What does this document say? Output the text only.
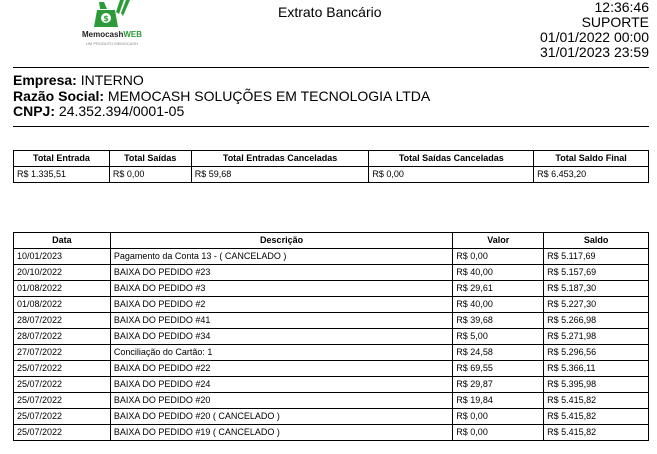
$
MemocashWEB
UM PRODUTO MEMOCASH
Extrato Bancário	12:36:46
SUPORTE
01/01/2022 00:00
31/01/2023 23:59
Empresa: INTERNO
Razão Social: MEMOCASH SOLUÇÕES EM TECNOLOGIA LTDA
CNPJ: 24.352.394/0001-05
Total Entrada	Total Saídas	Total Entradas Canceladas	Total Saídas Canceladas	Total Saldo Final
R$ 1.335,51	R$ 0,00	R$ 59,68	R$ 0,00	R$ 6.453,20
Data	Descrição	Valor	Saldo
10/01/2023	Pagamento da Conta 13 - ( CANCELADO )	R$ 0,00	R$ 5.117,69
20/10/2022	BAIXA DO PEDIDO #23	R$ 40,00	R$ 5.157,69
01/08/2022	BAIXA DO PEDIDO #3	R$ 29,61	R$ 5.187,30
01/08/2022	BAIXA DO PEDIDO #2	R$ 40,00	R$ 5.227,30
28/07/2022	BAIXA DO PEDIDO #41	R$ 39,68	R$ 5.266,98
28/07/2022	BAIXA DO PEDIDO #34	R$ 5,00	R$ 5.271,98
27/07/2022	Conciliação do Cartão: 1	R$ 24,58	R$ 5.296,56
25/07/2022	BAIXA DO PEDIDO #22	R$ 69,55	R$ 5.366,11
25/07/2022	BAIXA DO PEDIDO #24	R$ 29,87	R$ 5.395,98
25/07/2022	BAIXA DO PEDIDO #20	R$ 19,84	R$ 5.415,82
25/07/2022	BAIXA DO PEDIDO #20 ( CANCELADO )	R$ 0,00	R$ 5.415,82
25/07/2022	BAIXA DO PEDIDO #19 ( CANCELADO )	R$ 0,00	R$ 5.415,82
